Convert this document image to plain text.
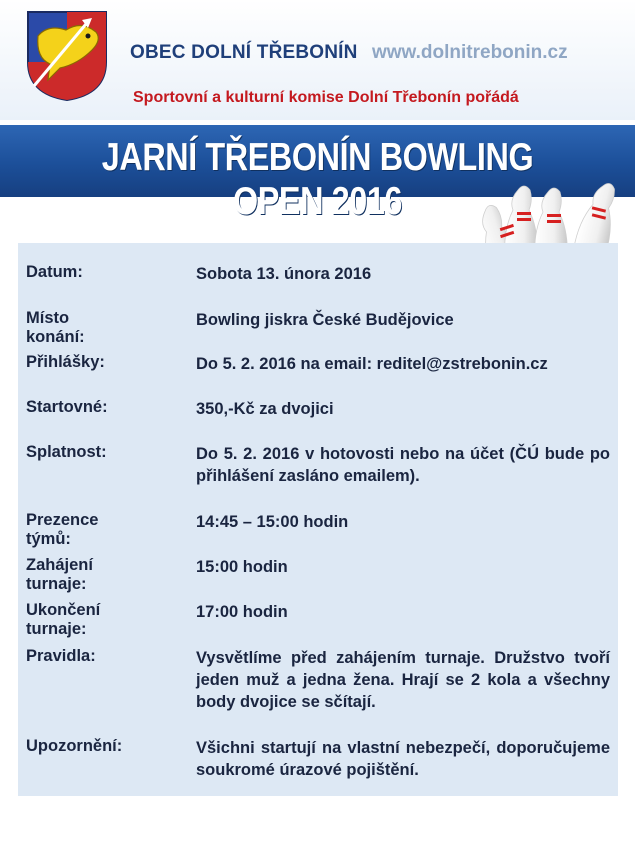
OBEC DOLNÍ TŘEBONÍN www.dolnitrebonin.cz
Sportovní a kulturní komise Dolní Třebonín pořádá
JARNÍ TŘEBONÍN BOWLING OPEN 2016
Datum:	Sobota 13. února 2016
Místo konání:
Bowling jiskra České Budějovice
Přihlášky:	Do 5. 2. 2016 na email: reditel@zstrebonin.cz
Startovné:	350,-Kč za dvojici
Splatnost:	Do 5. 2. 2016 v hotovosti nebo na účet (ČÚ bude po přihlášení zasláno emailem).
Prezence týmů:
14:45 – 15:00 hodin
Zahájení turnaje:
15:00 hodin
Ukončení turnaje:
17:00 hodin
Pravidla:	Vysvětlíme před zahájením turnaje. Družstvo tvoří jeden muž a jedna žena. Hrají se 2 kola a všechny body dvojice se sčítají.
Upozornění:	Všichni startují na vlastní nebezpečí, doporučujeme soukromé úrazové pojištění.
